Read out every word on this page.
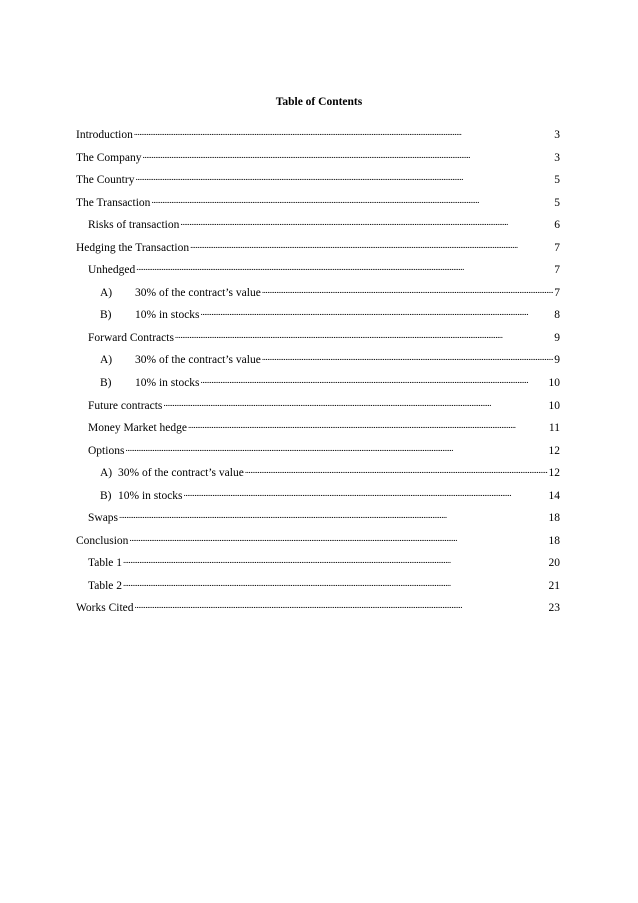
Table of Contents
Introduction . . .	3
The Company . . .	3
The Country . . .	5
The Transaction . . .	5
Risks of transaction . . .	6
Hedging the Transaction . . .	7
Unhedged . . .	7
A)	30% of the contract’s value . . .	7
B)	10% in stocks . . .	8
Forward Contracts . . .	9
A)	30% of the contract’s value . . .	9
B)	10% in stocks . . .	10
Future contracts . . .	10
Money Market hedge . . .	11
Options . . .	12
A) 30% of the contract’s value . . .	12
B) 10% in stocks . . .	14
Swaps . . .	18
Conclusion . . .	18
Table 1 . . .	20
Table 2 . . .	21
Works Cited . . .	23
